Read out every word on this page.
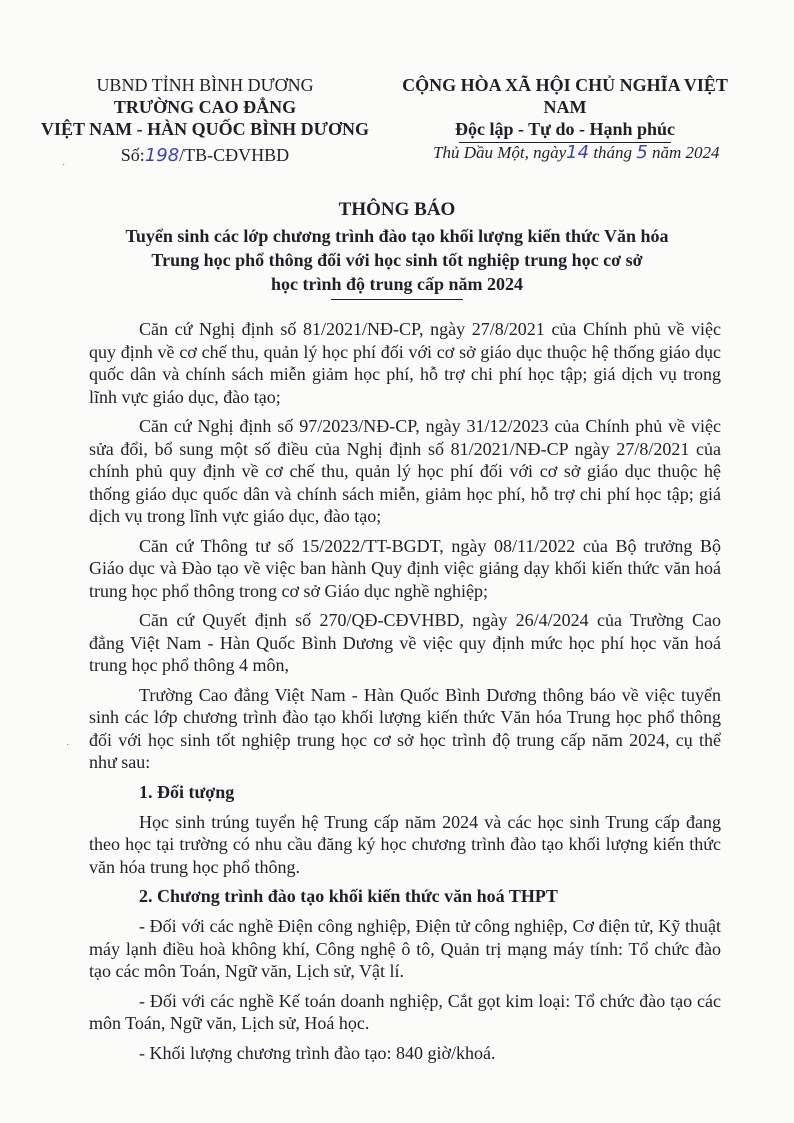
UBND TỈNH BÌNH DƯƠNG
TRƯỜNG CAO ĐẲNG
VIỆT NAM - HÀN QUỐC BÌNH DƯƠNG
Số:198/TB-CĐVHBD
CỘNG HÒA XÃ HỘI CHỦ NGHĨA VIỆT NAM
Độc lập - Tự do - Hạnh phúc
Thủ Dầu Một, ngày14 tháng 5 năm 2024
THÔNG BÁO
Tuyển sinh các lớp chương trình đào tạo khối lượng kiến thức Văn hóa
Trung học phổ thông đối với học sinh tốt nghiệp trung học cơ sở
học trình độ trung cấp năm 2024

Căn cứ Nghị định số 81/2021/NĐ-CP, ngày 27/8/2021 của Chính phủ về việc quy định về cơ chế thu, quản lý học phí đối với cơ sở giáo dục thuộc hệ thống giáo dục quốc dân và chính sách miễn giảm học phí, hỗ trợ chi phí học tập; giá dịch vụ trong lĩnh vực giáo dục, đào tạo;

Căn cứ Nghị định số 97/2023/NĐ-CP, ngày 31/12/2023 của Chính phủ về việc sửa đổi, bổ sung một số điều của Nghị định số 81/2021/NĐ-CP ngày 27/8/2021 của chính phủ quy định về cơ chế thu, quản lý học phí đối với cơ sở giáo dục thuộc hệ thống giáo dục quốc dân và chính sách miễn, giảm học phí, hỗ trợ chi phí học tập; giá dịch vụ trong lĩnh vực giáo dục, đào tạo;

Căn cứ Thông tư số 15/2022/TT-BGDT, ngày 08/11/2022 của Bộ trưởng Bộ Giáo dục và Đào tạo về việc ban hành Quy định việc giảng dạy khối kiến thức văn hoá trung học phổ thông trong cơ sở Giáo dục nghề nghiệp;

Căn cứ Quyết định số 270/QĐ-CĐVHBD, ngày 26/4/2024 của Trường Cao đẳng Việt Nam - Hàn Quốc Bình Dương về việc quy định mức học phí học văn hoá trung học phổ thông 4 môn,

Trường Cao đẳng Việt Nam - Hàn Quốc Bình Dương thông báo về việc tuyển sinh các lớp chương trình đào tạo khối lượng kiến thức Văn hóa Trung học phổ thông đối với học sinh tốt nghiệp trung học cơ sở học trình độ trung cấp năm 2024, cụ thể như sau:

1. Đối tượng

Học sinh trúng tuyển hệ Trung cấp năm 2024 và các học sinh Trung cấp đang theo học tại trường có nhu cầu đăng ký học chương trình đào tạo khối lượng kiến thức văn hóa trung học phổ thông.

2. Chương trình đào tạo khối kiến thức văn hoá THPT

- Đối với các nghề Điện công nghiệp, Điện tử công nghiệp, Cơ điện tử, Kỹ thuật máy lạnh điều hoà không khí, Công nghệ ô tô, Quản trị mạng máy tính: Tổ chức đào tạo các môn Toán, Ngữ văn, Lịch sử, Vật lí.

- Đối với các nghề Kế toán doanh nghiệp, Cắt gọt kim loại: Tổ chức đào tạo các môn Toán, Ngữ văn, Lịch sử, Hoá học.

- Khối lượng chương trình đào tạo: 840 giờ/khoá.

·
·
